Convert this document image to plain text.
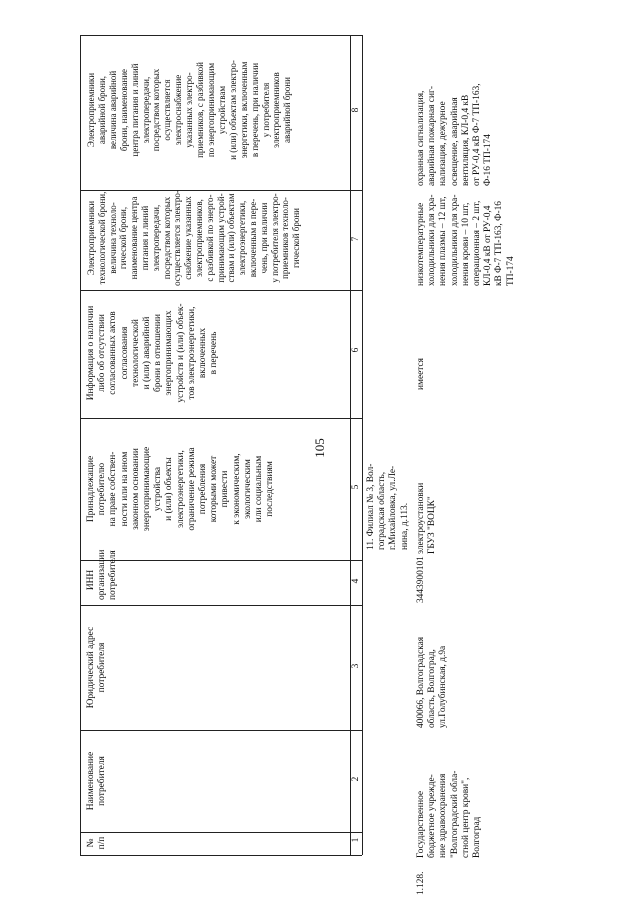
105
№
п/п
Наименование
потребителя
Юридический адрес
потребителя
ИНН
организации
потребителя
Принадлежащие
потребителю
на праве собствен-
ности или на ином
законном основании
энергопринимающие
устройства
и (или) объекты
электроэнергетики,
ограничение режима
потребления
которыми может
привести
к экономическим,
экологическим
или социальным
последствиям
Информация о наличии
либо об отсутствии
согласованных актов
согласования
технологической
и (или) аварийной
брони в отношении
энергопринимающих
устройств и (или) объек-
тов электроэнергетики,
включенных
в перечень
Электроприемники
технологической брони,
величина техноло-
гической брони,
наименование центра
питания и линий
электропередачи,
посредством которых
осуществляется электро-
снабжение указанных
электроприемников,
с разбивкой по энерго-
принимающим устрой-
ствам и (или) объектам
электроэнергетики,
включенным в пере-
чень, при наличии
у потребителя электро-
приемников техноло-
гической брони
Электроприемники
аварийной брони,
величина аварийной
брони, наименование
центра питания и линий
электропередачи,
посредством которых
осуществляется
электроснабжение
указанных электро-
приемников, с разбивкой
по энергопринимающим
устройствам
и (или) объектам электро-
энергетики, включенным
в перечень, при наличии
у потребителя
электроприемников
аварийной брони
1
2
3
4
5
6
7
8
11. Филиал № 3, Вол-
гоградская область,
г.Михайловка, ул.Ле-
нина, д.113.
1.128.
Государственное
бюджетное учрежде-
ние здравоохранения
"Волгоградский обла-
стной центр крови",
Волгоград
400066, Волгоградская
область, Волгоград,
ул.Голубинская, д.9а
3443900101
электроустановки
ГБУЗ "ВОЦК"
имеется
низкотемпературные
холодильники для хра-
нения плазмы – 12 шт,
холодильники для хра-
нения крови – 10 шт,
операционная – 2 шт,
КЛ-0,4 кВ от РУ-0,4
кВ Ф-7 ТП-163, Ф-16
ТП-174
охранная сигнализация,
аварийная пожарная сиг-
нализация, дежурное
освещение, аварийная
вентиляция, КЛ-0,4 кВ
от РУ-0,4 кВ Ф-7 ТП-163,
Ф-16 ТП-174
